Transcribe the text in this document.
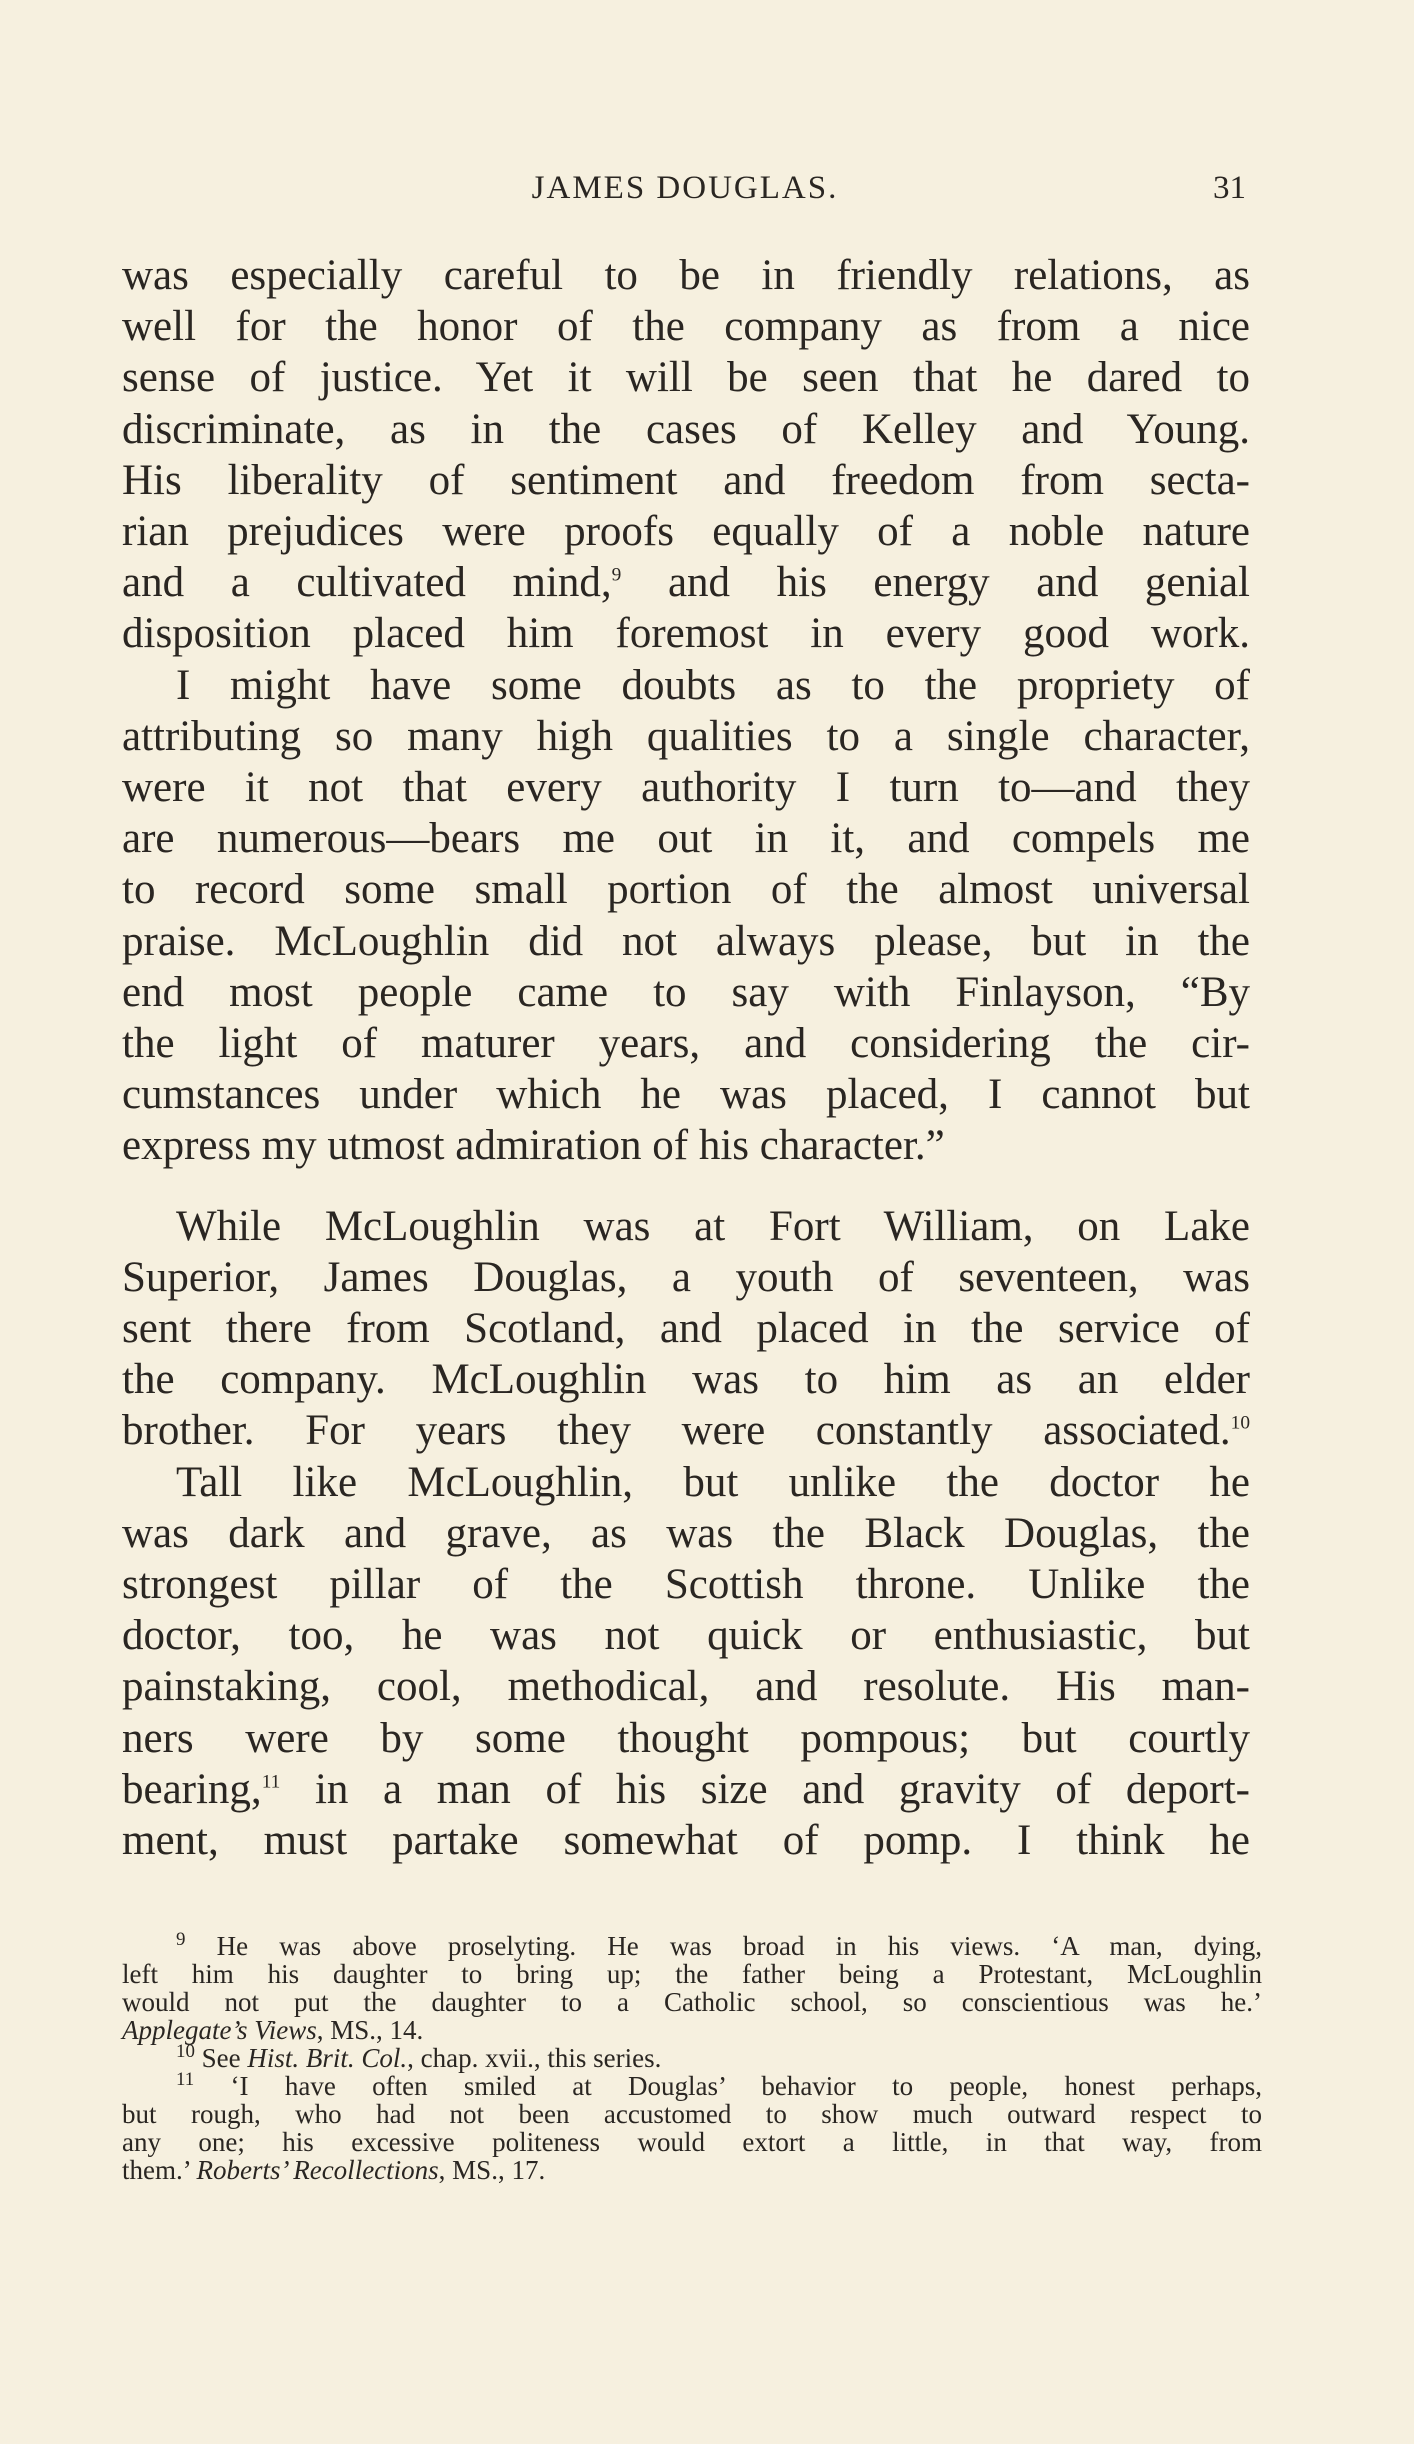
JAMES DOUGLAS.	31

was especially careful to be in friendly relations, as
well for the honor of the company as from a nice
sense of justice. Yet it will be seen that he dared to
discriminate, as in the cases of Kelley and Young.
His liberality of sentiment and freedom from secta-
rian prejudices were proofs equally of a noble nature
and a cultivated mind,$^9$ and his energy and genial
disposition placed him foremost in every good work.
I might have some doubts as to the propriety of
attributing so many high qualities to a single character,
were it not that every authority I turn to—and they
are numerous—bears me out in it, and compels me
to record some small portion of the almost universal
praise. McLoughlin did not always please, but in the
end most people came to say with Finlayson, “By
the light of maturer years, and considering the cir-
cumstances under which he was placed, I cannot but
express my utmost admiration of his character.”

While McLoughlin was at Fort William, on Lake
Superior, James Douglas, a youth of seventeen, was
sent there from Scotland, and placed in the service of
the company. McLoughlin was to him as an elder
brother. For years they were constantly associated.$^{10}$
Tall like McLoughlin, but unlike the doctor he
was dark and grave, as was the Black Douglas, the
strongest pillar of the Scottish throne. Unlike the
doctor, too, he was not quick or enthusiastic, but
painstaking, cool, methodical, and resolute. His man-
ners were by some thought pompous; but courtly
bearing,$^{11}$ in a man of his size and gravity of deport-
ment, must partake somewhat of pomp. I think he

$^9$ He was above proselyting. He was broad in his views. ‘A man, dying,
left him his daughter to bring up; the father being a Protestant, McLoughlin
would not put the daughter to a Catholic school, so conscientious was he.’
Applegate’s Views, MS., 14.
$^{10}$ See Hist. Brit. Col., chap. xvii., this series.
$^{11}$ ‘I have often smiled at Douglas’ behavior to people, honest perhaps,
but rough, who had not been accustomed to show much outward respect to
any one; his excessive politeness would extort a little, in that way, from
them.’ Roberts’ Recollections, MS., 17.
